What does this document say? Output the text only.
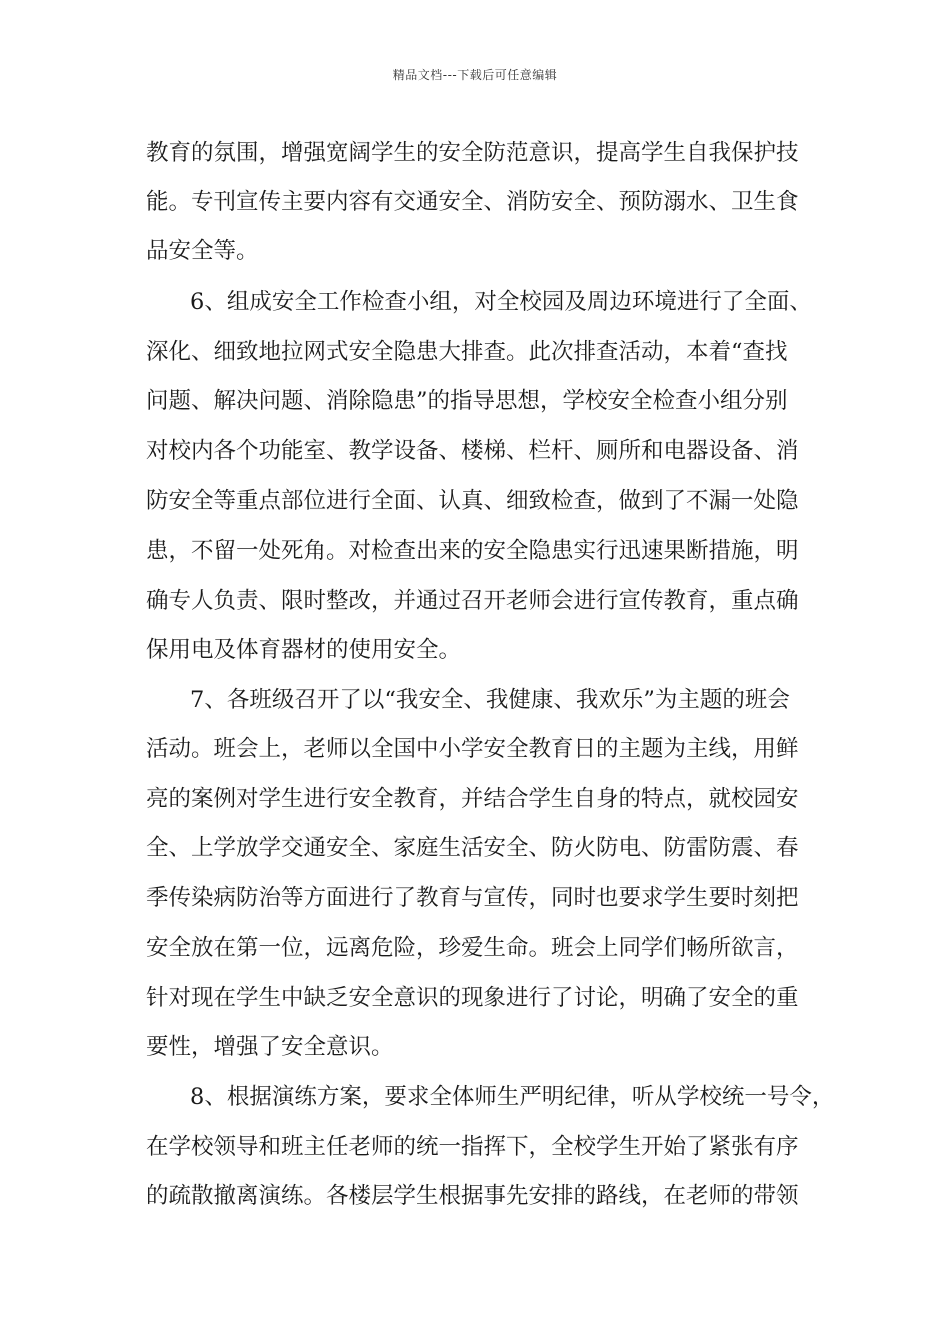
精品文档---下载后可任意编辑
教育的氛围，增强宽阔学生的安全防范意识，提高学生自我保护技
能。专刊宣传主要内容有交通安全、消防安全、预防溺水、卫生食
品安全等。
6、组成安全工作检查小组，对全校园及周边环境进行了全面、
深化、细致地拉网式安全隐患大排查。此次排查活动，本着“查找
问题、解决问题、消除隐患”的指导思想，学校安全检查小组分别
对校内各个功能室、教学设备、楼梯、栏杆、厕所和电器设备、消
防安全等重点部位进行全面、认真、细致检查，做到了不漏一处隐
患，不留一处死角。对检查出来的安全隐患实行迅速果断措施，明
确专人负责、限时整改，并通过召开老师会进行宣传教育，重点确
保用电及体育器材的使用安全。
7、各班级召开了以“我安全、我健康、我欢乐”为主题的班会
活动。班会上，老师以全国中小学安全教育日的主题为主线，用鲜
亮的案例对学生进行安全教育，并结合学生自身的特点，就校园安
全、上学放学交通安全、家庭生活安全、防火防电、防雷防震、春
季传染病防治等方面进行了教育与宣传，同时也要求学生要时刻把
安全放在第一位，远离危险，珍爱生命。班会上同学们畅所欲言，
针对现在学生中缺乏安全意识的现象进行了讨论，明确了安全的重
要性，增强了安全意识。
8、根据演练方案，要求全体师生严明纪律，听从学校统一号令，
在学校领导和班主任老师的统一指挥下，全校学生开始了紧张有序
的疏散撤离演练。各楼层学生根据事先安排的路线，在老师的带领
